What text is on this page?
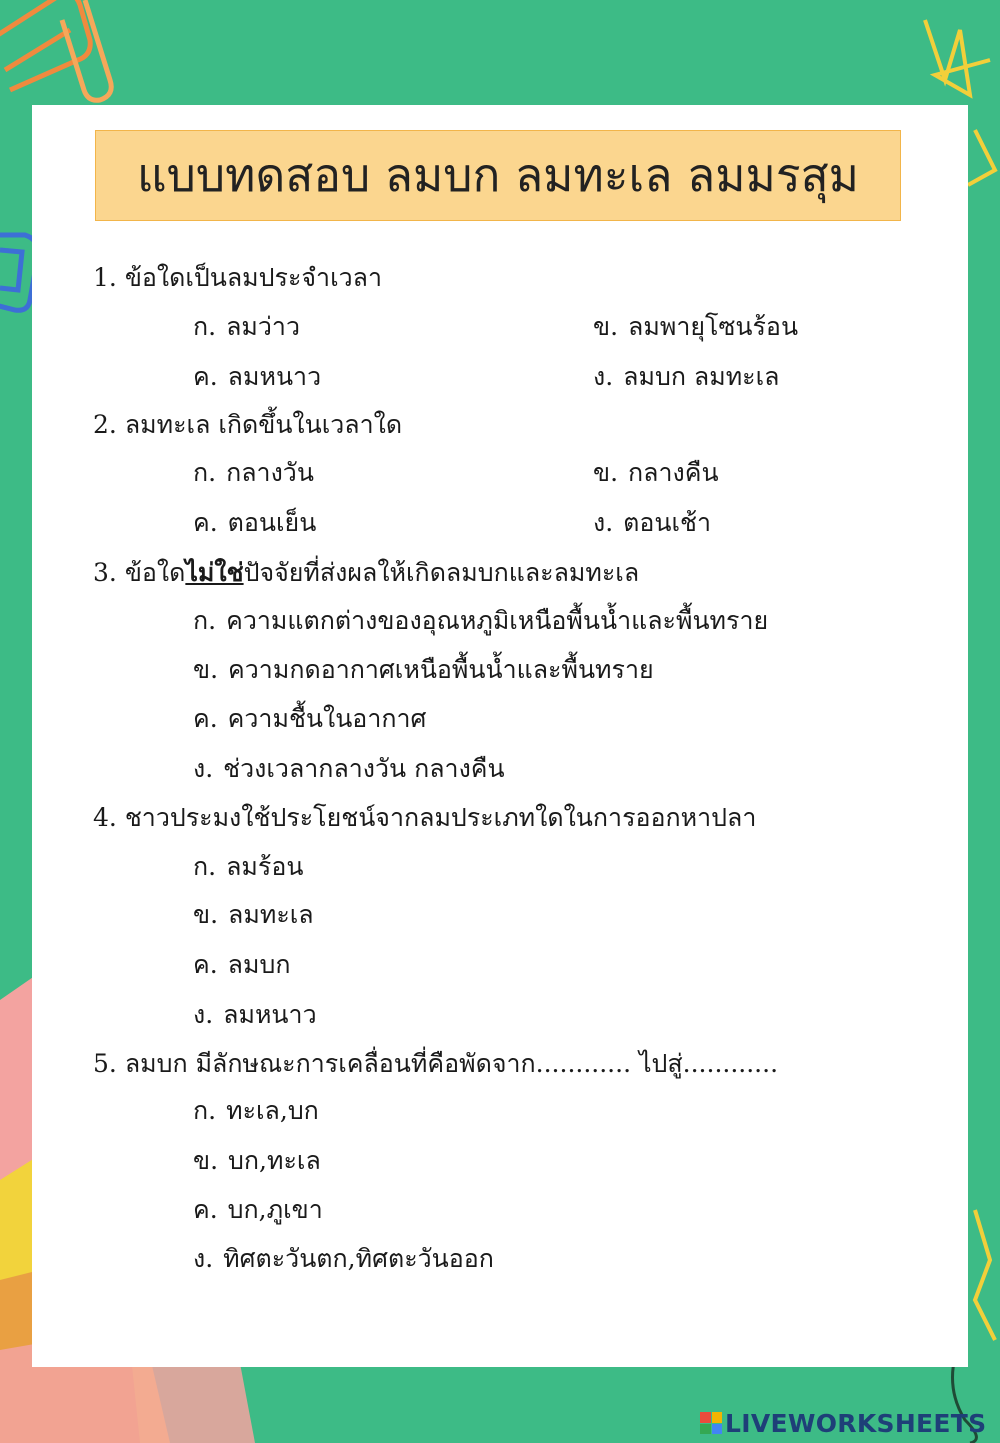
แบบทดสอบ ลมบก ลมทะเล ลมมรสุม
1. ข้อใดเป็นลมประจำเวลา
ก. ลมว่าว	ข. ลมพายุโซนร้อน
ค. ลมหนาว	ง. ลมบก ลมทะเล
2. ลมทะเล เกิดขึ้นในเวลาใด
ก. กลางวัน	ข. กลางคืน
ค. ตอนเย็น	ง. ตอนเช้า
3. ข้อใดไม่ใช่ปัจจัยที่ส่งผลให้เกิดลมบกและลมทะเล
ก. ความแตกต่างของอุณหภูมิเหนือพื้นน้ำและพื้นทราย
ข. ความกดอากาศเหนือพื้นน้ำและพื้นทราย
ค. ความชื้นในอากาศ
ง. ช่วงเวลากลางวัน กลางคืน
4. ชาวประมงใช้ประโยชน์จากลมประเภทใดในการออกหาปลา
ก. ลมร้อน
ข. ลมทะเล
ค. ลมบก
ง. ลมหนาว
5. ลมบก มีลักษณะการเคลื่อนที่คือพัดจาก............ ไปสู่............
ก. ทะเล,บก
ข. บก,ทะเล
ค. บก,ภูเขา
ง. ทิศตะวันตก,ทิศตะวันออก
LIVEWORKSHEETS
